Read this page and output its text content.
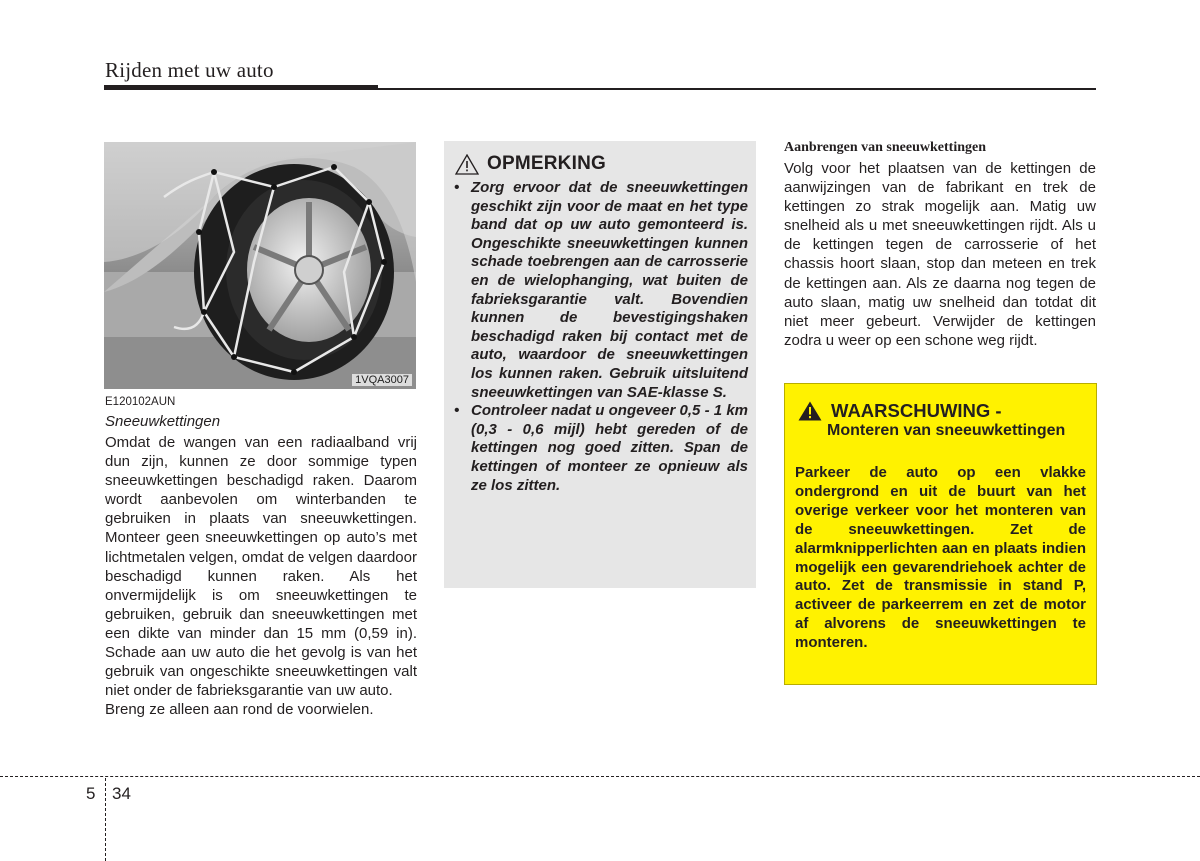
Rijden met uw auto
1VQA3007
E120102AUN

Sneeuwkettingen

Omdat de wangen van een radiaalband vrij dun zijn, kunnen ze door sommige typen sneeuwkettingen beschadigd raken. Daarom wordt aanbevolen om winterbanden te gebruiken in plaats van sneeuwkettingen. Monteer geen sneeuwkettingen op auto’s met lichtmetalen velgen, omdat de velgen daardoor beschadigd kunnen raken. Als het onvermijdelijk is om sneeuwkettingen te gebruiken, gebruik dan sneeuwkettingen met een dikte van minder dan 15 mm (0,59 in). Schade aan uw auto die het gevolg is van het gebruik van ongeschikte sneeuwkettingen valt niet onder de fabrieksgarantie van uw auto.

Breng ze alleen aan rond de voorwielen.

OPMERKING
• Zorg ervoor dat de sneeuwkettingen geschikt zijn voor de maat en het type band dat op uw auto gemonteerd is. Ongeschikte sneeuwkettingen kunnen schade toebrengen aan de carrosserie en de wielophanging, wat buiten de fabrieksgarantie valt. Bovendien kunnen de bevestigingshaken beschadigd raken bij contact met de auto, waardoor de sneeuwkettingen los kunnen raken. Gebruik uitsluitend sneeuwkettingen van SAE-klasse S.
• Controleer nadat u ongeveer 0,5 - 1 km (0,3 - 0,6 mijl) hebt gereden of de kettingen nog goed zitten. Span de kettingen of monteer ze opnieuw als ze los zitten.

Aanbrengen van sneeuwkettingen

Volg voor het plaatsen van de kettingen de aanwijzingen van de fabrikant en trek de kettingen zo strak mogelijk aan. Matig uw snelheid als u met sneeuwkettingen rijdt. Als u de kettingen tegen de carrosserie of het chassis hoort slaan, stop dan meteen en trek de kettingen aan. Als ze daarna nog tegen de auto slaan, matig uw snelheid dan totdat dit niet meer gebeurt. Verwijder de kettingen zodra u weer op een schone weg rijdt.

WAARSCHUWING -
Monteren van sneeuwkettingen

Parkeer de auto op een vlakke ondergrond en uit de buurt van het overige verkeer voor het monteren van de sneeuwkettingen. Zet de alarmknipperlichten aan en plaats indien mogelijk een gevarendriehoek achter de auto. Zet de transmissie in stand P, activeer de parkeerrem en zet de motor af alvorens de sneeuwkettingen te monteren.

5 34
